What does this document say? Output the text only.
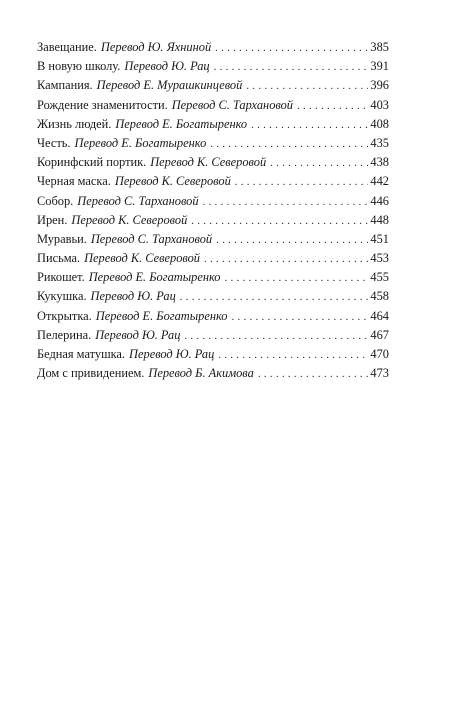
Завещание. Перевод Ю. Яхниной . . .	385
В новую школу. Перевод Ю. Рац . . .	391
Кампания. Перевод Е. Мурашкинцевой . . .	396
Рождение знаменитости. Перевод С. Тархановой . . .	403
Жизнь людей. Перевод Е. Богатыренко . . .	408
Честь. Перевод Е. Богатыренко . . .	435
Коринфский портик. Перевод К. Северовой . . .	438
Черная маска. Перевод К. Северовой . . .	442
Собор. Перевод С. Тархановой . . .	446
Ирен. Перевод К. Северовой . . .	448
Муравьи. Перевод С. Тархановой . . .	451
Письма. Перевод К. Северовой . . .	453
Рикошет. Перевод Е. Богатыренко . . .	455
Кукушка. Перевод Ю. Рац . . .	458
Открытка. Перевод Е. Богатыренко . . .	464
Пелерина. Перевод Ю. Рац . . .	467
Бедная матушка. Перевод Ю. Рац . . .	470
Дом с привидением. Перевод Б. Акимова . . .	473
